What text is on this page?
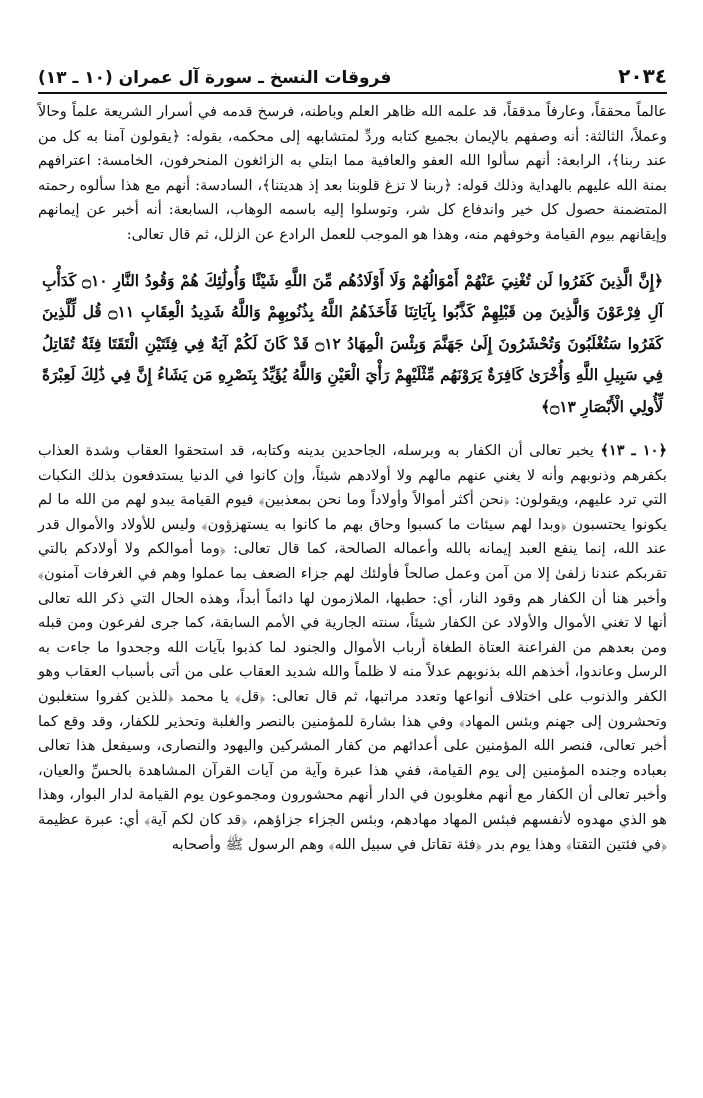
٢٠٣٤
فروقات النسخ ـ سورة آل عمران (١٠ ـ ١٣)

عالماً محققاً، وعارفاً مدققاً، قد علمه الله ظاهر العلم وباطنه، فرسخ قدمه في أسرار الشريعة علماً وحالاً وعملاً، الثالثة: أنه وصفهم بالإيمان بجميع كتابه وردِّ لمتشابهه إلى محكمه، بقوله: ﴿يقولون آمنا به كل من عند ربنا﴾، الرابعة: أنهم سألوا الله العفو والعافية مما ابتلي به الزائغون المنحرفون، الخامسة: اعترافهم بمنة الله عليهم بالهداية وذلك قوله: ﴿ربنا لا تزغ قلوبنا بعد إذ هديتنا﴾، السادسة: أنهم مع هذا سألوه رحمته المتضمنة حصول كل خير واندفاع كل شر، وتوسلوا إليه باسمه الوهاب، السابعة: أنه أخبر عن إيمانهم وإيقانهم بيوم القيامة وخوفهم منه، وهذا هو الموجب للعمل الرادع عن الزلل، ثم قال تعالى:

﴿إِنَّ الَّذِينَ كَفَرُوا لَن تُغْنِيَ عَنْهُمْ أَمْوَالُهُمْ وَلَا أَوْلَادُهُم مِّنَ اللَّهِ شَيْئًا وَأُولَٰئِكَ هُمْ وَقُودُ النَّارِ ۝١٠ كَدَأْبِ آلِ فِرْعَوْنَ وَالَّذِينَ مِن قَبْلِهِمْ كَذَّبُوا بِآيَاتِنَا فَأَخَذَهُمُ اللَّهُ بِذُنُوبِهِمْ وَاللَّهُ شَدِيدُ الْعِقَابِ ۝١١ قُل لِّلَّذِينَ كَفَرُوا سَتُغْلَبُونَ وَتُحْشَرُونَ إِلَىٰ جَهَنَّمَ وَبِئْسَ الْمِهَادُ ۝١٢ قَدْ كَانَ لَكُمْ آيَةٌ فِي فِئَتَيْنِ الْتَقَتَا فِئَةٌ تُقَاتِلُ فِي سَبِيلِ اللَّهِ وَأُخْرَىٰ كَافِرَةٌ يَرَوْنَهُم مِّثْلَيْهِمْ رَأْيَ الْعَيْنِ وَاللَّهُ يُؤَيِّدُ بِنَصْرِهِ مَن يَشَاءُ إِنَّ فِي ذَٰلِكَ لَعِبْرَةً لِّأُولِي الْأَبْصَارِ ۝١٣﴾

﴿١٠ ـ ١٣﴾ يخبر تعالى أن الكفار به وبرسله، الجاحدين بدينه وكتابه، قد استحقوا العقاب وشدة العذاب بكفرهم وذنوبهم وأنه لا يغني عنهم مالهم ولا أولادهم شيئاً، وإن كانوا في الدنيا يستدفعون بذلك النكبات التي ترد عليهم، ويقولون: ﴿نحن أكثر أموالاً وأولاداً وما نحن بمعذبين﴾ فيوم القيامة يبدو لهم من الله ما لم يكونوا يحتسبون ﴿وبدا لهم سيئات ما كسبوا وحاق بهم ما كانوا به يستهزؤون﴾ وليس للأولاد والأموال قدر عند الله، إنما ينفع العبد إيمانه بالله وأعماله الصالحة، كما قال تعالى: ﴿وما أموالكم ولا أولادكم بالتي تقربكم عندنا زلفىٰ إلا من آمن وعمل صالحاً فأولئك لهم جزاء الضعف بما عملوا وهم في الغرفات آمنون﴾ وأخبر هنا أن الكفار هم وقود النار، أي: حطبها، الملازمون لها دائماً أبداً، وهذه الحال التي ذكر الله تعالى أنها لا تغني الأموال والأولاد عن الكفار شيئاً، سنته الجارية في الأمم السابقة، كما جرى لفرعون ومن قبله ومن بعدهم من الفراعنة العتاة الطغاة أرباب الأموال والجنود لما كذبوا بآيات الله وجحدوا ما جاءت به الرسل وعاندوا، أخذهم الله بذنوبهم عدلاً منه لا ظلماً والله شديد العقاب على من أتى بأسباب العقاب وهو الكفر والذنوب على اختلاف أنواعها وتعدد مراتبها، ثم قال تعالى: ﴿قل﴾ يا محمد ﴿للذين كفروا ستغلبون وتحشرون إلى جهنم وبئس المهاد﴾ وفي هذا بشارة للمؤمنين بالنصر والغلبة وتحذير للكفار، وقد وقع كما أخبر تعالى، فنصر الله المؤمنين على أعدائهم من كفار المشركين واليهود والنصارى، وسيفعل هذا تعالى بعباده وجنده المؤمنين إلى يوم القيامة، ففي هذا عبرة وآية من آيات القرآن المشاهدة بالحسِّ والعيان، وأخبر تعالى أن الكفار مع أنهم مغلوبون في الدار أنهم محشورون ومجموعون يوم القيامة لدار البوار، وهذا هو الذي مهدوه لأنفسهم فبئس المهاد مهادهم، وبئس الجزاء جزاؤهم، ﴿قد كان لكم آية﴾ أي: عبرة عظيمة ﴿في فئتين التقتا﴾ وهذا يوم بدر ﴿فئة تقاتل في سبيل الله﴾ وهم الرسول ﷺ وأصحابه
